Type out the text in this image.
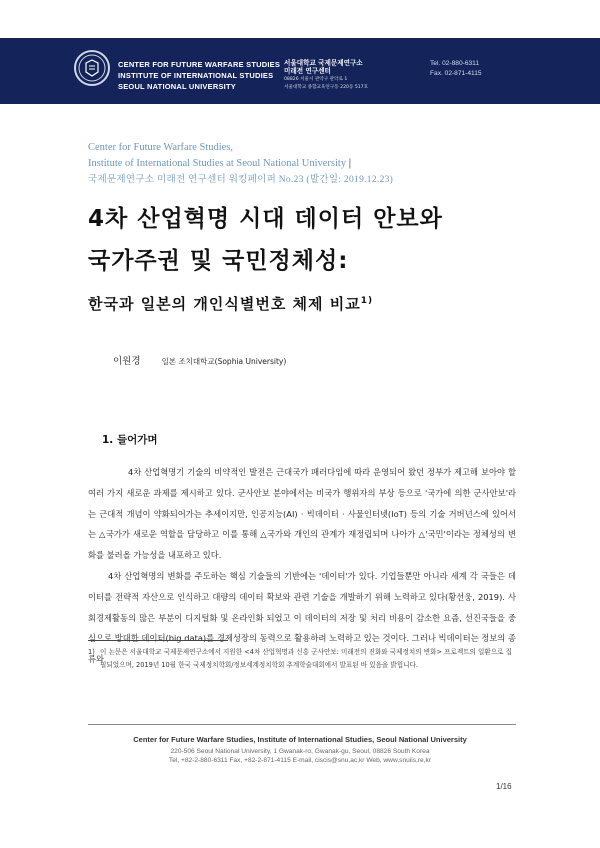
CENTER FOR FUTURE WARFARE STUDIES
INSTITUTE OF INTERNATIONAL STUDIES
SEOUL NATIONAL UNIVERSITY
서울대학교 국제문제연구소
미래전 연구센터
08826 서울시 관악구 관악로 1
서울대학교 종합교육연구동 220동 517호
Tel. 02-880-6311
Fax. 02-871-4115
Center for Future Warfare Studies,
Institute of International Studies at Seoul National University |
국제문제연구소 미래전 연구센터 워킹페이퍼 No.23 (발간일: 2019.12.23)
4차 산업혁명 시대 데이터 안보와
국가주권 및 국민정체성:
한국과 일본의 개인식별번호 체제 비교$^{1)}$
이원경	일본 조치대학교(Sophia University)
1. 들어가며

4차 산업혁명기 기술의 비약적인 발전은 근대국가 패러다임에 따라 운영되어 왔던 정부가 제고해 보아야 할 여러 가지 새로운 과제를 제시하고 있다. 군사안보 분야에서는 비국가 행위자의 부상 등으로 '국가에 의한 군사안보'라는 근대적 개념이 약화되어가는 추세이지만, 인공지능(AI) · 빅데이터 · 사물인터넷(IoT) 등의 기술 거버넌스에 있어서는 △국가가 새로운 역할을 담당하고 이를 통해 △국가와 개인의 관계가 재정립되며 나아가 △'국민'이라는 정체성의 변화를 불러올 가능성을 내포하고 있다.

4차 산업혁명의 변화를 주도하는 핵심 기술들의 기반에는 '데이터'가 있다. 기업들뿐만 아니라 세계 각 국들은 데이터를 전략적 자산으로 인식하고 대량의 데이터 확보와 관련 기술을 개발하기 위해 노력하고 있다(황선웅, 2019). 사회경제활동의 많은 부분이 디지털화 및 온라인화 되었고 이 데이터의 저장 및 처리 비용이 감소한 요즘, 선진국들을 중심으로 방대한 데이터(big data)를 경제성장의 동력으로 활용하려 노력하고 있는 것이다. 그러나 빅데이터는 정보의 종류와

1) 이 논문은 서울대학교 국제문제연구소에서 지원한 <4차 산업혁명과 신흥 군사안보: 미래전의 진화와 국제정치의 변화> 프로젝트의 일환으로 집필되었으며, 2019년 10월 한국 국제정치학회/정보세계정치학회 추계학술대회에서 발표된 바 있음을 밝힙니다.
Center for Future Warfare Studies, Institute of International Studies, Seoul National University
220-506 Seoul National University, 1 Gwanak-ro, Gwanak-gu, Seoul, 08826 South Korea
Tel, +82-2-880-6311 Fax, +82-2-871-4115 E-mail, ciscis@snu,ac,kr Web, www,snuiis,re,kr
1/16
